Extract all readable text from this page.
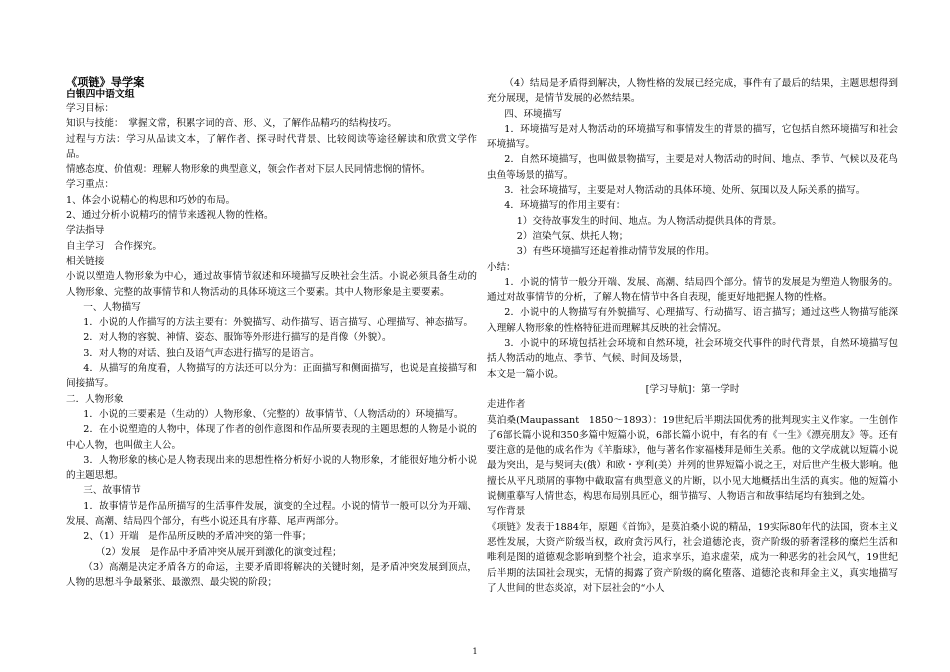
《项链》导学案

白银四中语文组

学习目标：

知识与技能：　掌握文常，积累字词的音、形、义，了解作品精巧的结构技巧。

过程与方法：学习从品读文本，了解作者、探寻时代背景、比较阅读等途径解读和欣赏文学作品。

情感态度、价值观：理解人物形象的典型意义，领会作者对下层人民同情悲悯的情怀。

学习重点：

1、体会小说精心的构思和巧妙的布局。

2、通过分析小说精巧的情节来透视人物的性格。

学法指导

自主学习　合作探究。

相关链接

小说以塑造人物形象为中心，通过故事情节叙述和环境描写反映社会生活。小说必须具备生动的人物形象、完整的故事情节和人物活动的具体环境这三个要素。其中人物形象是主要要素。

一、人物描写

1．小说的人作描写的方法主要有：外貌描写、动作描写、语言描写、心理描写、神态描写。

2．对人物的容貌、神情、姿态、服饰等外形进行描写的是肖像（外貌）。

3．对人物的对话、独白及语气声态进行描写的是语言。

4．从描写的角度看，人物描写的方法还可以分为：正面描写和侧面描写，也说是直接描写和间接描写。

二．人物形象

1．小说的三要素是（生动的）人物形象、（完整的）故事情节、（人物活动的）环境描写。

2．在小说塑造的人物中，体现了作者的创作意图和作品所要表现的主题思想的人物是小说的中心人物，也叫做主人公。

3．人物形象的核心是人物表现出来的思想性格分析好小说的人物形象，才能很好地分析小说的主题思想。

三、故事情节

1．故事情节是作品所描写的生活事件发展，演变的全过程。小说的情节一般可以分为开端、发展、高潮、结局四个部分，有些小说还具有序幕、尾声两部分。

2、（1）开端　是作品所反映的矛盾冲突的第一件事；

（2）发展　是作品中矛盾冲突从展开到激化的演变过程；

（3）高潮是决定矛盾各方的命运，主要矛盾即将解决的关键时刻，是矛盾冲突发展到顶点，人物的思想斗争最紧张、最激烈、最尖锐的阶段；

（4）结局是矛盾得到解决，人物性格的发展已经完成，事件有了最后的结果，主题思想得到充分展现，是情节发展的必然结果。

四、环境描写

1．环境描写是对人物活动的环境描写和事情发生的背景的描写，它包括自然环境描写和社会环境描写。

2．自然环境描写，也叫做景物描写，主要是对人物活动的时间、地点、季节、气候以及花鸟虫鱼等场景的描写。

3．社会环境描写，主要是对人物活动的具体环境、处所、氛围以及人际关系的描写。

4．环境描写的作用主要有：

1）交待故事发生的时间、地点。为人物活动提供具体的背景。

2）渲染气氛、烘托人物；

3）有些环境描写还起着推动情节发展的作用。

小结：

1．小说的情节一般分开端、发展、高潮、结局四个部分。情节的发展是为塑造人物服务的。通过对故事情节的分析，了解人物在情节中各自表现，能更好地把握人物的性格。

2．小说中的人物描写有外貌描写、心理描写、行动描写、语言描写；通过这些人物描写能深入理解人物形象的性格特征进而理解其反映的社会情况。

3．小说中的环境包括社会环境和自然环境，社会环境交代事件的时代背景，自然环境描写包括人物活动的地点、季节、气候、时间及场景，

本文是一篇小说。

[学习导航]：第一学时

走进作者

莫泊桑(Maupassant　1850～1893）：19世纪后半期法国优秀的批判现实主义作家。一生创作了6部长篇小说和350多篇中短篇小说，6部长篇小说中，有名的有《一生》《漂亮朋友》等。还有要注意的是他的成名作为《羊脂球》，他与著名作家福楼拜是师生关系。他的文学成就以短篇小说最为突出，是与契诃夫(俄）和欧・亨利(美）并列的世界短篇小说之王，对后世产生极大影响。他擅长从平凡琐屑的事物中截取富有典型意义的片断，以小见大地概括出生活的真实。他的短篇小说侧重摹写人情世态，构思布局别具匠心，细节描写、人物语言和故事结尾均有独到之处。

写作背景

《项链》发表于1884年，原题《首饰》，是莫泊桑小说的精品，19实际80年代的法国，资本主义恶性发展，大资产阶级当权，政府贪污风行，社会道德沦丧，资产阶级的骄奢淫移的糜烂生活和唯利是图的道德观念影响到整个社会，追求享乐，追求虚荣，成为一种恶劣的社会风气，19世纪后半期的法国社会现实，无情的揭露了资产阶级的腐化堕落、道德沦丧和拜金主义，真实地描写了人世间的世态炎凉，对下层社会的“小人

1
